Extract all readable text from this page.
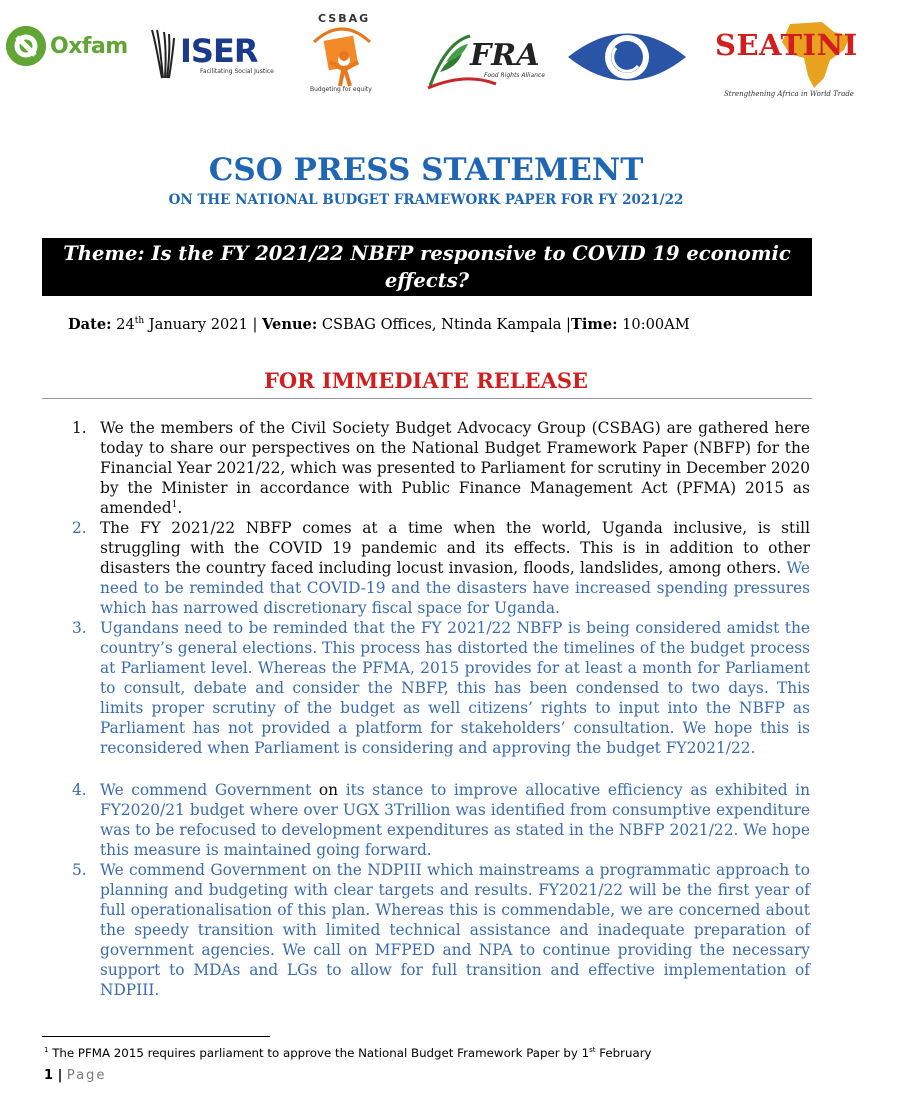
Oxfam ISER
Facilitating Social Justice
CSBAG
Budgeting for equity
FRA
Food Rights Alliance
SEATINI
Strengthening Africa in World Trade
CSO PRESS STATEMENT
ON THE NATIONAL BUDGET FRAMEWORK PAPER FOR FY 2021/22
Theme: Is the FY 2021/22 NBFP responsive to COVID 19 economic effects?
Date: 24th January 2021 | Venue: CSBAG Offices, Ntinda Kampala |Time: 10:00AM
FOR IMMEDIATE RELEASE
1. We the members of the Civil Society Budget Advocacy Group (CSBAG) are gathered here today to share our perspectives on the National Budget Framework Paper (NBFP) for the Financial Year 2021/22, which was presented to Parliament for scrutiny in December 2020 by the Minister in accordance with Public Finance Management Act (PFMA) 2015 as amended$^1$.
2. The FY 2021/22 NBFP comes at a time when the world, Uganda inclusive, is still struggling with the COVID 19 pandemic and its effects. This is in addition to other disasters the country faced including locust invasion, floods, landslides, among others. We need to be reminded that COVID-19 and the disasters have increased spending pressures which has narrowed discretionary fiscal space for Uganda.
3. Ugandans need to be reminded that the FY 2021/22 NBFP is being considered amidst the country’s general elections. This process has distorted the timelines of the budget process at Parliament level. Whereas the PFMA, 2015 provides for at least a month for Parliament to consult, debate and consider the NBFP, this has been condensed to two days. This limits proper scrutiny of the budget as well citizens’ rights to input into the NBFP as Parliament has not provided a platform for stakeholders’ consultation. We hope this is reconsidered when Parliament is considering and approving the budget FY2021/22.
4. We commend Government on its stance to improve allocative efficiency as exhibited in FY2020/21 budget where over UGX 3Trillion was identified from consumptive expenditure was to be refocused to development expenditures as stated in the NBFP 2021/22. We hope this measure is maintained going forward.
5. We commend Government on the NDPIII which mainstreams a programmatic approach to planning and budgeting with clear targets and results. FY2021/22 will be the first year of full operationalisation of this plan. Whereas this is commendable, we are concerned about the speedy transition with limited technical assistance and inadequate preparation of government agencies. We call on MFPED and NPA to continue providing the necessary support to MDAs and LGs to allow for full transition and effective implementation of NDPIII.
$^1$ The PFMA 2015 requires parliament to approve the National Budget Framework Paper by 1st February
1 | Page
